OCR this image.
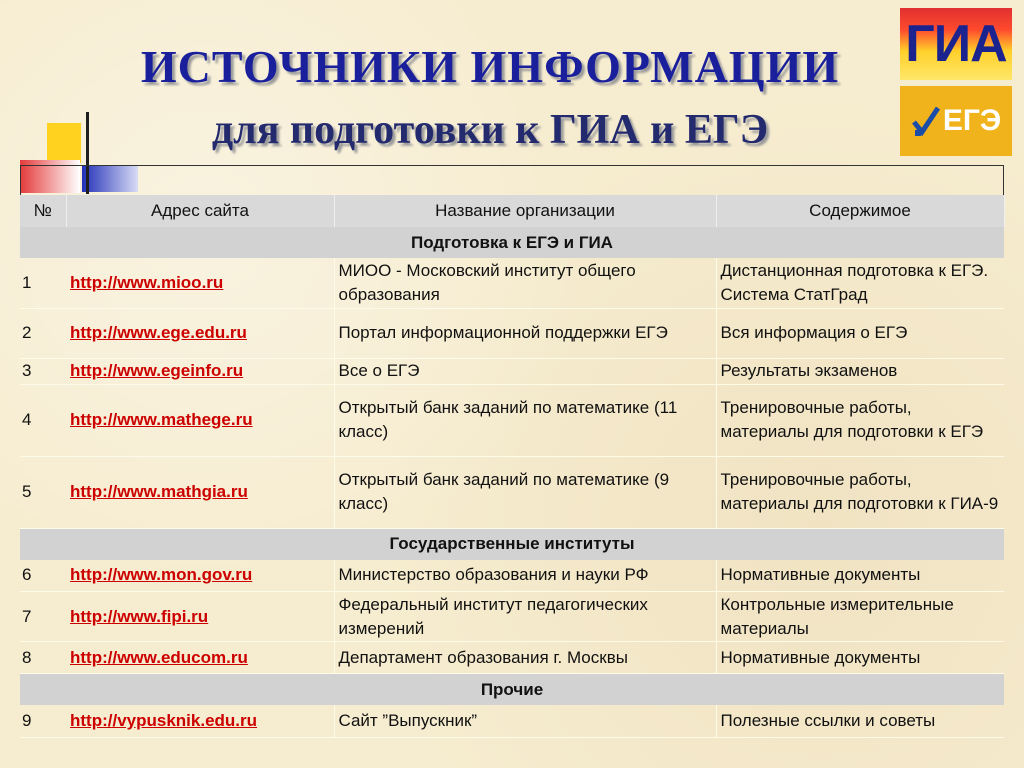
ИСТОЧНИКИ ИНФОРМАЦИИ
для подготовки к ГИА и ЕГЭ
ГИА
ЕГЭ
№	Адрес сайта	Название организации	Содержимое
Подготовка к ЕГЭ и ГИА			
1	http://www.mioo.ru	МИОО - Московский институт общего образования	Дистанционная подготовка к ЕГЭ. Система СтатГрад
2	http://www.ege.edu.ru	Портал информационной поддержки ЕГЭ	Вся информация о ЕГЭ
3	http://www.egeinfo.ru	Все о ЕГЭ	Результаты экзаменов
4	http://www.mathege.ru	Открытый банк заданий по математике (11 класс)	Тренировочные работы, материалы для подготовки к ЕГЭ
5	http://www.mathgia.ru	Открытый банк заданий по математике (9 класс)	Тренировочные работы, материалы для подготовки к ГИА-9
Государственные институты			
6	http://www.mon.gov.ru	Министерство образования и науки РФ	Нормативные документы
7	http://www.fipi.ru	Федеральный институт педагогических измерений	Контрольные измерительные материалы
8	http://www.educom.ru	Департамент образования г. Москвы	Нормативные документы
Прочие			
9	http://vypusknik.edu.ru	Сайт ”Выпускник”	Полезные ссылки и советы
